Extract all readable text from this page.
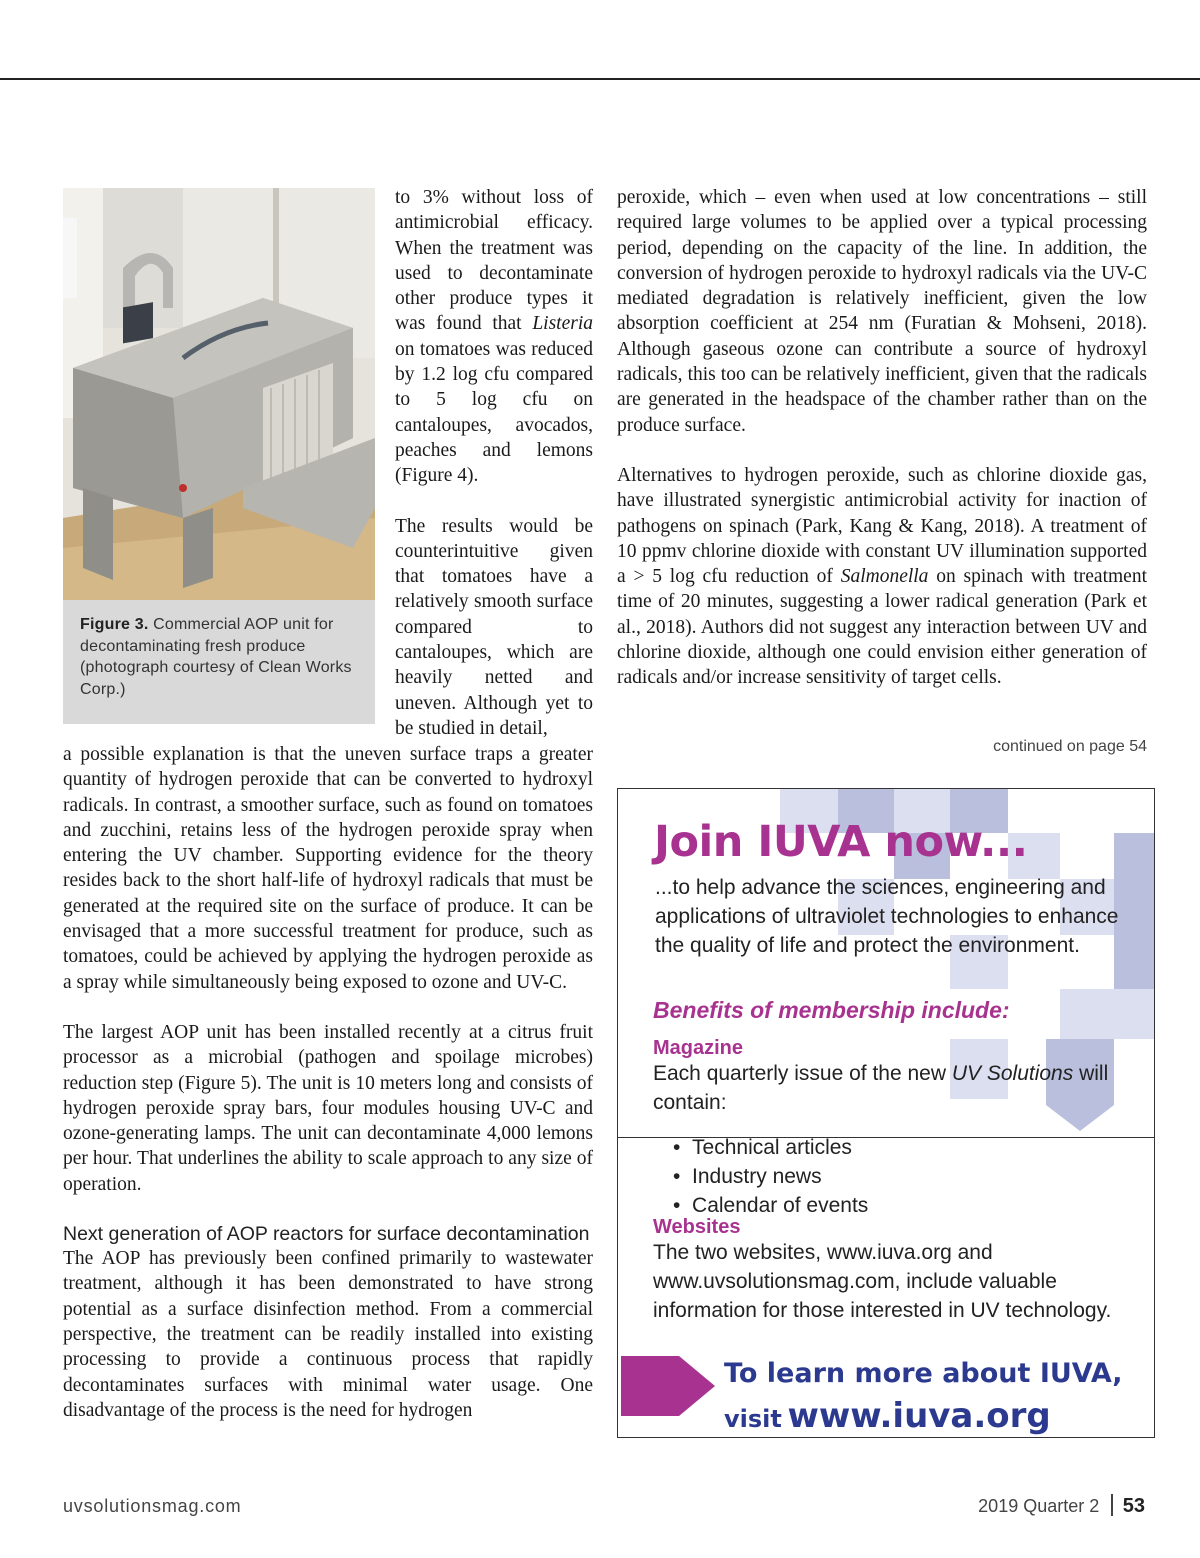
Figure 3. Commercial AOP unit for decontaminating fresh produce (photograph courtesy of Clean Works Corp.)

to 3% without loss of antimicrobial efficacy. When the treatment was used to decontaminate other produce types it was found that Listeria on tomatoes was reduced by 1.2 log cfu compared to 5 log cfu on cantaloupes, avocados, peaches and lemons (Figure 4).

The results would be counterintuitive given that tomatoes have a relatively smooth surface compared to cantaloupes, which are heavily netted and uneven. Although yet to be studied in detail,

a possible explanation is that the uneven surface traps a greater quantity of hydrogen peroxide that can be converted to hydroxyl radicals. In contrast, a smoother surface, such as found on tomatoes and zucchini, retains less of the hydrogen peroxide spray when entering the UV chamber. Supporting evidence for the theory resides back to the short half-life of hydroxyl radicals that must be generated at the required site on the surface of produce. It can be envisaged that a more successful treatment for produce, such as tomatoes, could be achieved by applying the hydrogen peroxide as a spray while simultaneously being exposed to ozone and UV-C.

The largest AOP unit has been installed recently at a citrus fruit processor as a microbial (pathogen and spoilage microbes) reduction step (Figure 5). The unit is 10 meters long and consists of hydrogen peroxide spray bars, four modules housing UV-C and ozone-generating lamps. The unit can decontaminate 4,000 lemons per hour. That underlines the ability to scale approach to any size of operation.

Next generation of AOP reactors for surface decontamination

The AOP has previously been confined primarily to wastewater treatment, although it has been demonstrated to have strong potential as a surface disinfection method. From a commercial perspective, the treatment can be readily installed into existing processing to provide a continuous process that rapidly decontaminates surfaces with minimal water usage. One disadvantage of the process is the need for hydrogen

peroxide, which – even when used at low concentrations – still required large volumes to be applied over a typical processing period, depending on the capacity of the line. In addition, the conversion of hydrogen peroxide to hydroxyl radicals via the UV-C mediated degradation is relatively inefficient, given the low absorption coefficient at 254 nm (Furatian & Mohseni, 2018). Although gaseous ozone can contribute a source of hydroxyl radicals, this too can be relatively inefficient, given that the radicals are generated in the headspace of the chamber rather than on the produce surface.

Alternatives to hydrogen peroxide, such as chlorine dioxide gas, have illustrated synergistic antimicrobial activity for inaction of pathogens on spinach (Park, Kang & Kang, 2018). A treatment of 10 ppmv chlorine dioxide with constant UV illumination supported a > 5 log cfu reduction of Salmonella on spinach with treatment time of 20 minutes, suggesting a lower radical generation (Park et al., 2018). Authors did not suggest any interaction between UV and chlorine dioxide, although one could envision either generation of radicals and/or increase sensitivity of target cells.

continued on page 54
Join IUVA now...
...to help advance the sciences, engineering and applications of ultraviolet technologies to enhance the quality of life and protect the environment.
Benefits of membership include:
Magazine
Each quarterly issue of the new UV Solutions will contain:
•  Technical articles
•  Industry news
•  Calendar of events
Websites
The two websites, www.iuva.org and www.uvsolutionsmag.com, include valuable information for those interested in UV technology.
To learn more about IUVA,
visit www.iuva.org
uvsolutionsmag.com	2019 Quarter 2 53
